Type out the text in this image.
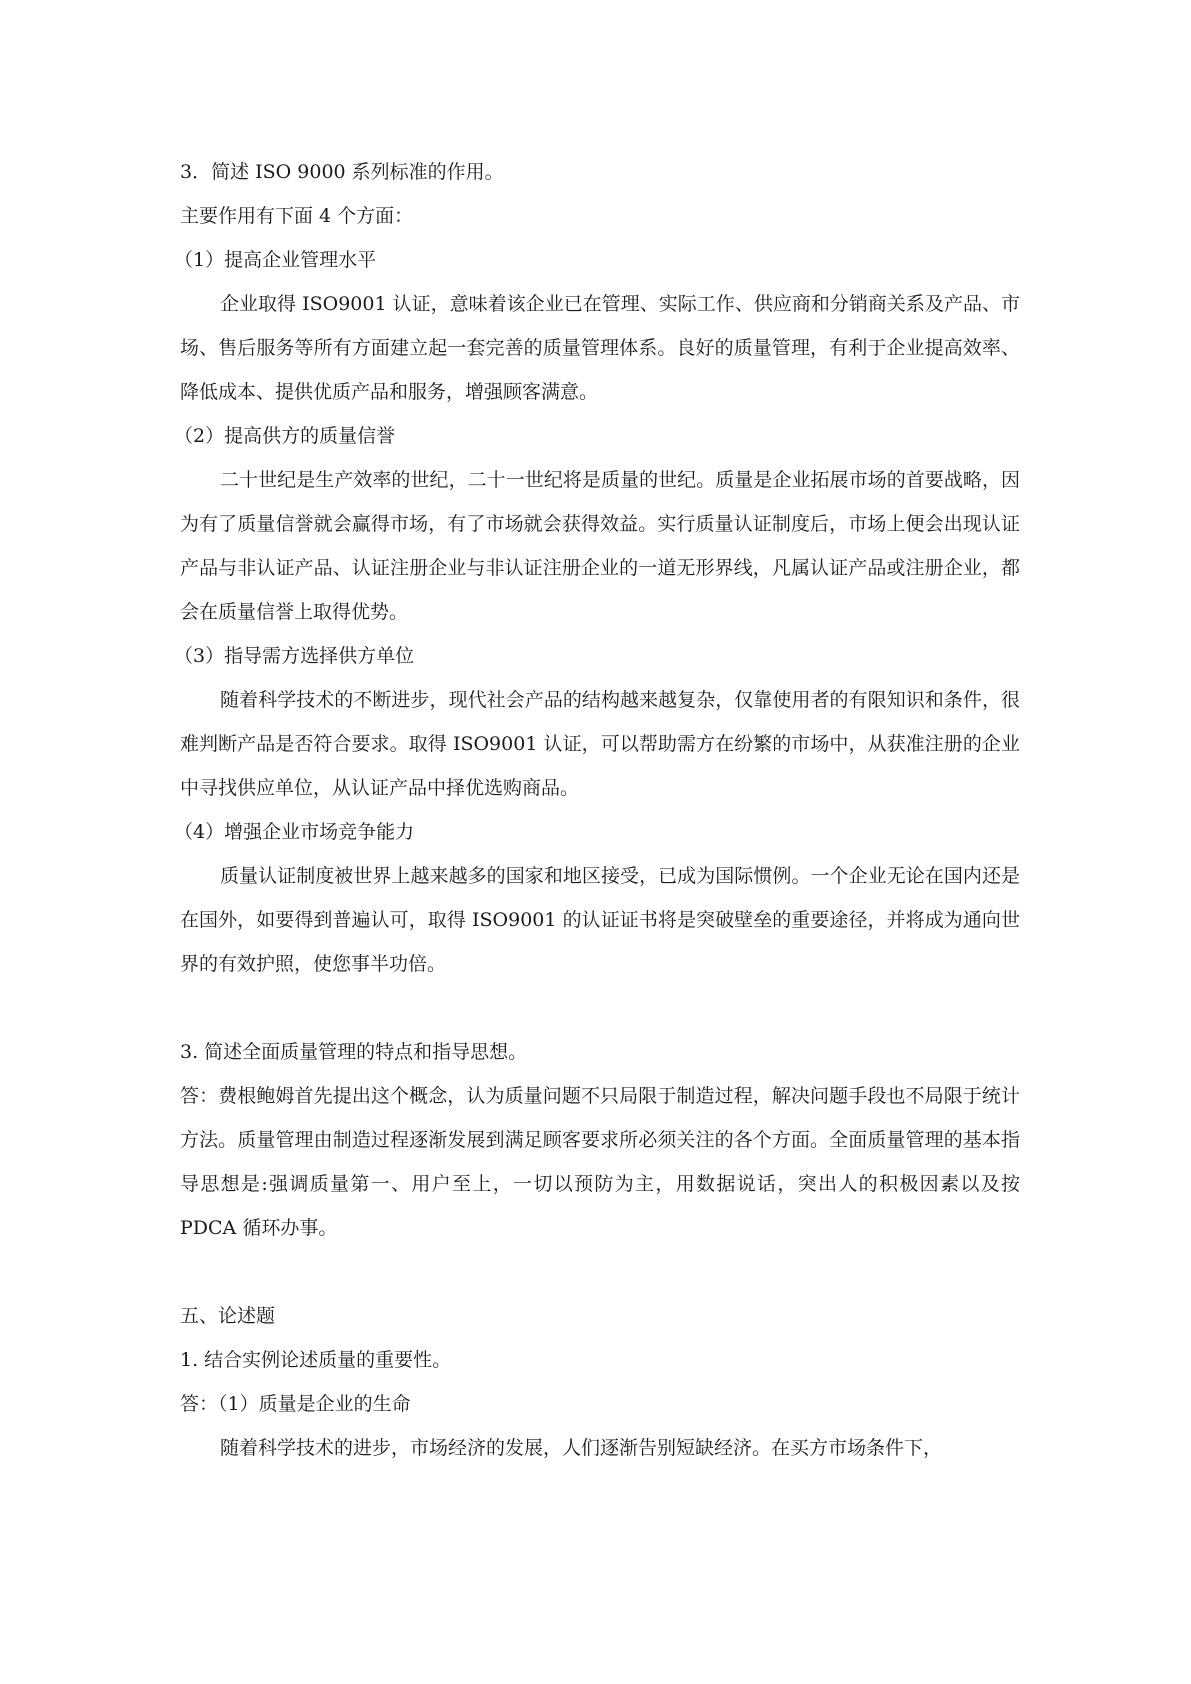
3．简述 ISO 9000 系列标准的作用。

主要作用有下面 4 个方面：

（1）提高企业管理水平

企业取得 ISO9001 认证，意味着该企业已在管理、实际工作、供应商和分销商关系及产品、市场、售后服务等所有方面建立起一套完善的质量管理体系。良好的质量管理，有利于企业提高效率、降低成本、提供优质产品和服务，增强顾客满意。

（2）提高供方的质量信誉

二十世纪是生产效率的世纪，二十一世纪将是质量的世纪。质量是企业拓展市场的首要战略，因为有了质量信誉就会赢得市场，有了市场就会获得效益。实行质量认证制度后，市场上便会出现认证产品与非认证产品、认证注册企业与非认证注册企业的一道无形界线，凡属认证产品或注册企业，都会在质量信誉上取得优势。

（3）指导需方选择供方单位

随着科学技术的不断进步，现代社会产品的结构越来越复杂，仅靠使用者的有限知识和条件，很难判断产品是否符合要求。取得 ISO9001 认证，可以帮助需方在纷繁的市场中，从获准注册的企业中寻找供应单位，从认证产品中择优选购商品。

（4）增强企业市场竞争能力

质量认证制度被世界上越来越多的国家和地区接受，已成为国际惯例。一个企业无论在国内还是在国外，如要得到普遍认可，取得 ISO9001 的认证证书将是突破壁垒的重要途径，并将成为通向世界的有效护照，使您事半功倍。

3. 简述全面质量管理的特点和指导思想。

答：费根鲍姆首先提出这个概念，认为质量问题不只局限于制造过程，解决问题手段也不局限于统计方法。质量管理由制造过程逐渐发展到满足顾客要求所必须关注的各个方面。全面质量管理的基本指导思想是:强调质量第一、用户至上，一切以预防为主，用数据说话，突出人的积极因素以及按 PDCA 循环办事。

五、论述题

1. 结合实例论述质量的重要性。

答：（1）质量是企业的生命

随着科学技术的进步，市场经济的发展，人们逐渐告别短缺经济。在买方市场条件下，
